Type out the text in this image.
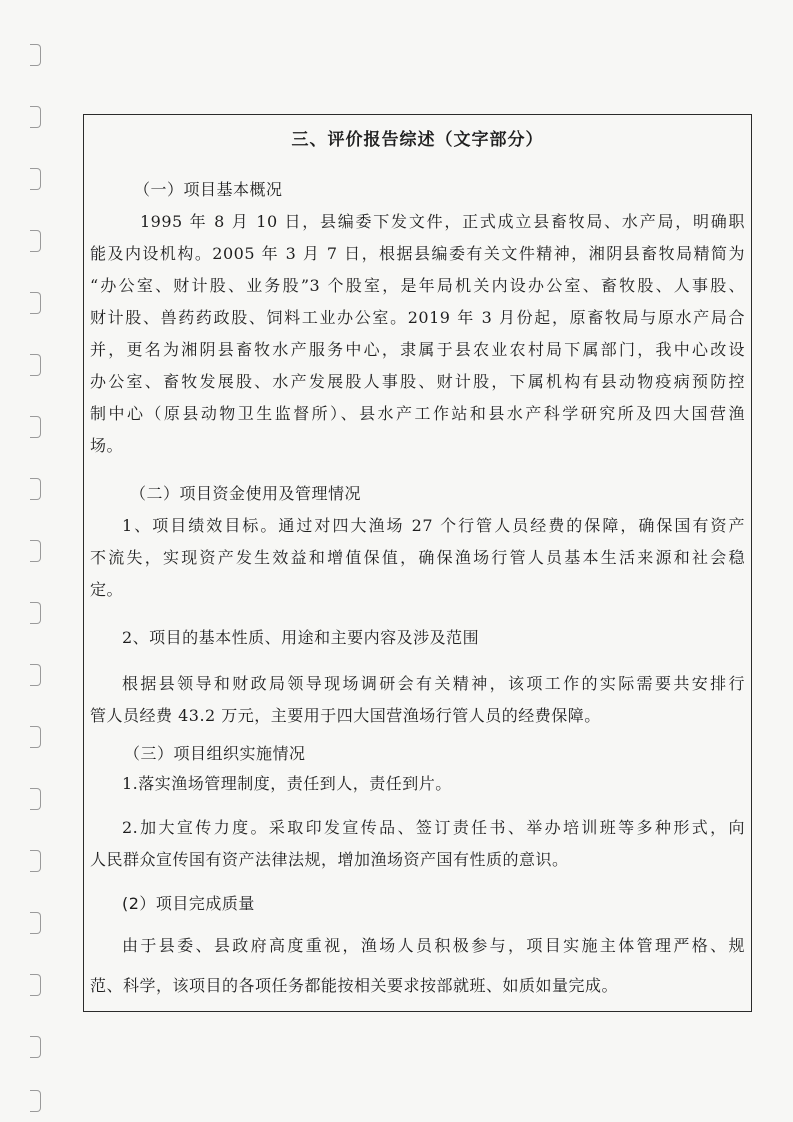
三、评价报告综述（文字部分）
（一）项目基本概况
1995 年 8 月 10 日，县编委下发文件，正式成立县畜牧局、水产局，明确职
能及内设机构。2005 年 3 月 7 日，根据县编委有关文件精神，湘阴县畜牧局精简为
“办公室、财计股、业务股”3 个股室，是年局机关内设办公室、畜牧股、人事股、
财计股、兽药药政股、饲料工业办公室。2019 年 3 月份起，原畜牧局与原水产局合
并，更名为湘阴县畜牧水产服务中心，隶属于县农业农村局下属部门，我中心改设
办公室、畜牧发展股、水产发展股人事股、财计股，下属机构有县动物疫病预防控
制中心（原县动物卫生监督所）、县水产工作站和县水产科学研究所及四大国营渔
场。
（二）项目资金使用及管理情况
1、项目绩效目标。通过对四大渔场 27 个行管人员经费的保障，确保国有资产
不流失，实现资产发生效益和增值保值，确保渔场行管人员基本生活来源和社会稳
定。
2、项目的基本性质、用途和主要内容及涉及范围
根据县领导和财政局领导现场调研会有关精神，该项工作的实际需要共安排行
管人员经费 43.2 万元，主要用于四大国营渔场行管人员的经费保障。
（三）项目组织实施情况
1.落实渔场管理制度，责任到人，责任到片。
2.加大宣传力度。采取印发宣传品、签订责任书、举办培训班等多种形式，向
人民群众宣传国有资产法律法规，增加渔场资产国有性质的意识。
(2）项目完成质量
由于县委、县政府高度重视，渔场人员积极参与，项目实施主体管理严格、规
范、科学，该项目的各项任务都能按相关要求按部就班、如质如量完成。
